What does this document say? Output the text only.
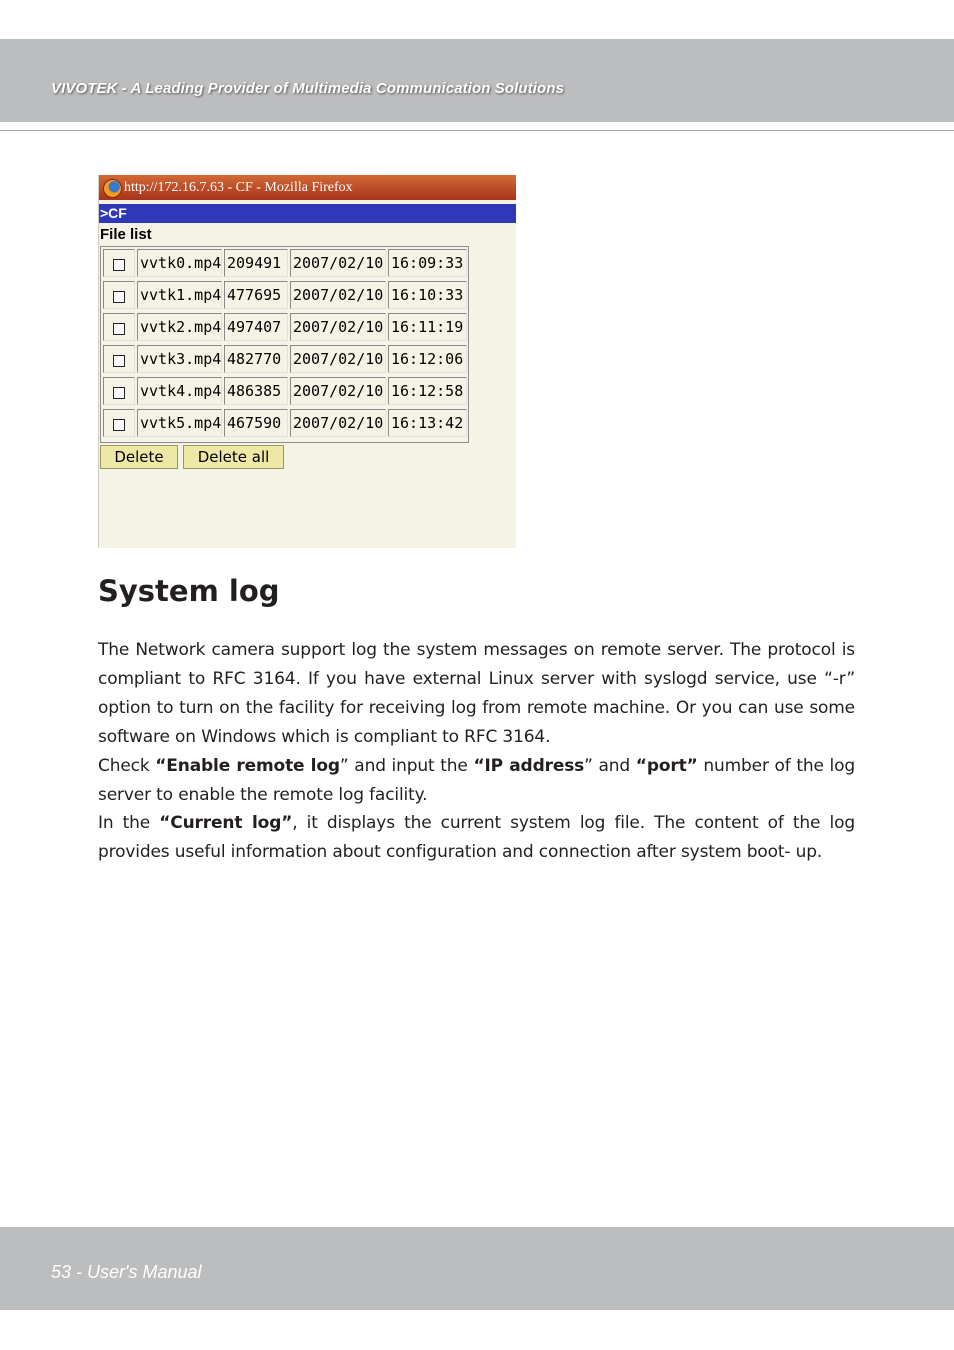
VIVOTEK - A Leading Provider of Multimedia Communication Solutions
http://172.16.7.63 - CF - Mozilla Firefox
>CF
File list
vvtk0.mp4 209491 2007/02/10 16:09:33
vvtk1.mp4 477695 2007/02/10 16:10:33
vvtk2.mp4 497407 2007/02/10 16:11:19
vvtk3.mp4 482770 2007/02/10 16:12:06
vvtk4.mp4 486385 2007/02/10 16:12:58
vvtk5.mp4 467590 2007/02/10 16:13:42
Delete	Delete all
System log

The Network camera support log the system messages on remote server. The protocol is compliant to RFC 3164. If you have external Linux server with syslogd service, use “-r” option to turn on the facility for receiving log from remote machine. Or you can use some software on Windows which is compliant to RFC 3164.

Check “Enable remote log” and input the “IP address” and “port” number of the log server to enable the remote log facility.

In the “Current log”, it displays the current system log file. The content of the log provides useful information about configuration and connection after system boot- up.

53 - User's Manual
